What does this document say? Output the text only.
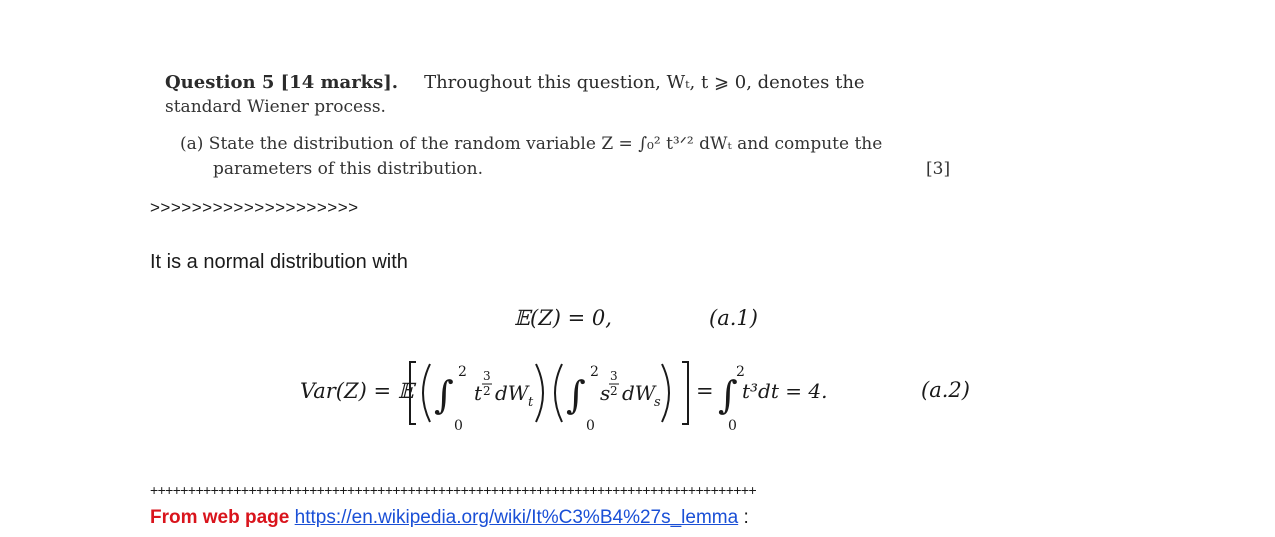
Question 5 [14 marks]. Throughout this question, Wₜ, t ⩾ 0, denotes the
standard Wiener process.
(a) State the distribution of the random variable Z = ∫₀² t³ᐟ² dWₜ and compute the
parameters of this distribution.	[3]
>>>>>>>>>>>>>>>>>>>>
It is a normal distribution with
𝔼(Z) = 0,	(a.1)
Var(Z) = 𝔼 ∫
2
0
t
3
2 dW t ∫
2
0
s
3
2 dW
s = ∫
2
0
t³dt = 4.	(a.2)
++++++++++++++++++++++++++++++++++++++++++++++++++++++++++++++++++++++++++++++++
From web page https://en.wikipedia.org/wiki/It%C3%B4%27s_lemma :
